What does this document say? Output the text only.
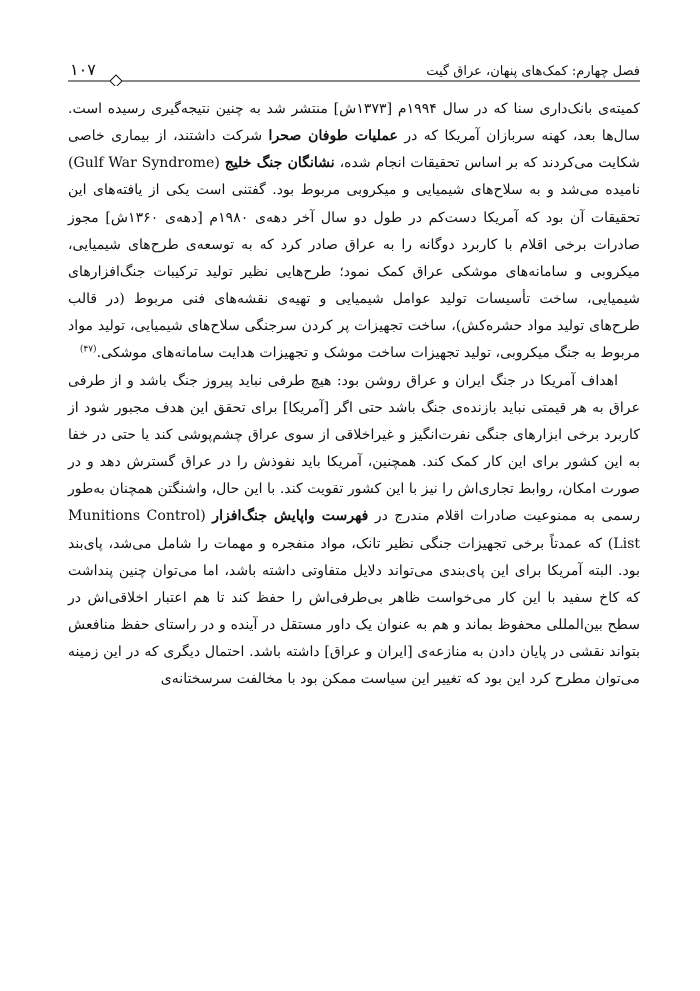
فصل چهارم: کمک‌های پنهان، عراق گیت
۱۰۷

کمیته‌ی بانک‌داری سنا که در سال ۱۹۹۴م [۱۳۷۳ش] منتشر شد به چنین نتیجه‌گیری رسیده است. سال‌ها بعد، کهنه سربازان آمریکا که در عملیات طوفان صحرا شرکت داشتند، از بیماری خاصی شکایت می‌کردند که بر اساس تحقیقات انجام شده، نشانگان جنگ خلیج (Gulf War Syndrome) نامیده می‌شد و به سلاح‌های شیمیایی و میکروبی مربوط بود. گفتنی است یکی از یافته‌های این تحقیقات آن بود که آمریکا دست‌کم در طول دو سال آخر دهه‌ی ۱۹۸۰م [دهه‌ی ۱۳۶۰ش] مجوز صادرات برخی اقلام با کاربرد دوگانه را به عراق صادر کرد که به توسعه‌ی طرح‌های شیمیایی، میکروبی و سامانه‌های موشکی عراق کمک نمود؛ طرح‌هایی نظیر تولید ترکیبات جنگ‌افزارهای شیمیایی، ساخت تأسیسات تولید عوامل شیمیایی و تهیه‌ی نقشه‌های فنی مربوط (در قالب طرح‌های تولید مواد حشره‌کش)، ساخت تجهیزات پر کردن سرجنگی سلاح‌های شیمیایی، تولید مواد مربوط به جنگ میکروبی، تولید تجهیزات ساخت موشک و تجهیزات هدایت سامانه‌های موشکی.$^{(۴۷)}$

اهداف آمریکا در جنگ ایران و عراق روشن بود: هیچ طرفی نباید پیروز جنگ باشد و از طرفی عراق به هر قیمتی نباید بازنده‌ی جنگ باشد حتی اگر [آمریکا] برای تحقق این هدف مجبور شود از کاربرد برخی ابزارهای جنگی نفرت‌انگیز و غیراخلاقی از سوی عراق چشم‌پوشی کند یا حتی در خفا به این کشور برای این کار کمک کند. همچنین، آمریکا باید نفوذش را در عراق گسترش دهد و در صورت امکان، روابط تجاری‌اش را نیز با این کشور تقویت کند. با این حال، واشنگتن همچنان به‌طور رسمی به ممنوعیت صادرات اقلام مندرج در فهرست واپایش جنگ‌افزار (Munitions Control List) که عمدتاً برخی تجهیزات جنگی نظیر تانک، مواد منفجره و مهمات را شامل می‌شد، پای‌بند بود. البته آمریکا برای این پای‌بندی می‌تواند دلایل متفاوتی داشته باشد، اما می‌توان چنین پنداشت که کاخ سفید با این کار می‌خواست ظاهر بی‌طرفی‌اش را حفظ کند تا هم اعتبار اخلاقی‌اش در سطح بین‌المللی محفوظ بماند و هم به عنوان یک داور مستقل در آینده و در راستای حفظ منافعش بتواند نقشی در پایان دادن به منازعه‌ی [ایران و عراق] داشته باشد. احتمال دیگری که در این زمینه می‌توان مطرح کرد این بود که تغییر این سیاست ممکن بود با مخالفت سرسختانه‌ی
